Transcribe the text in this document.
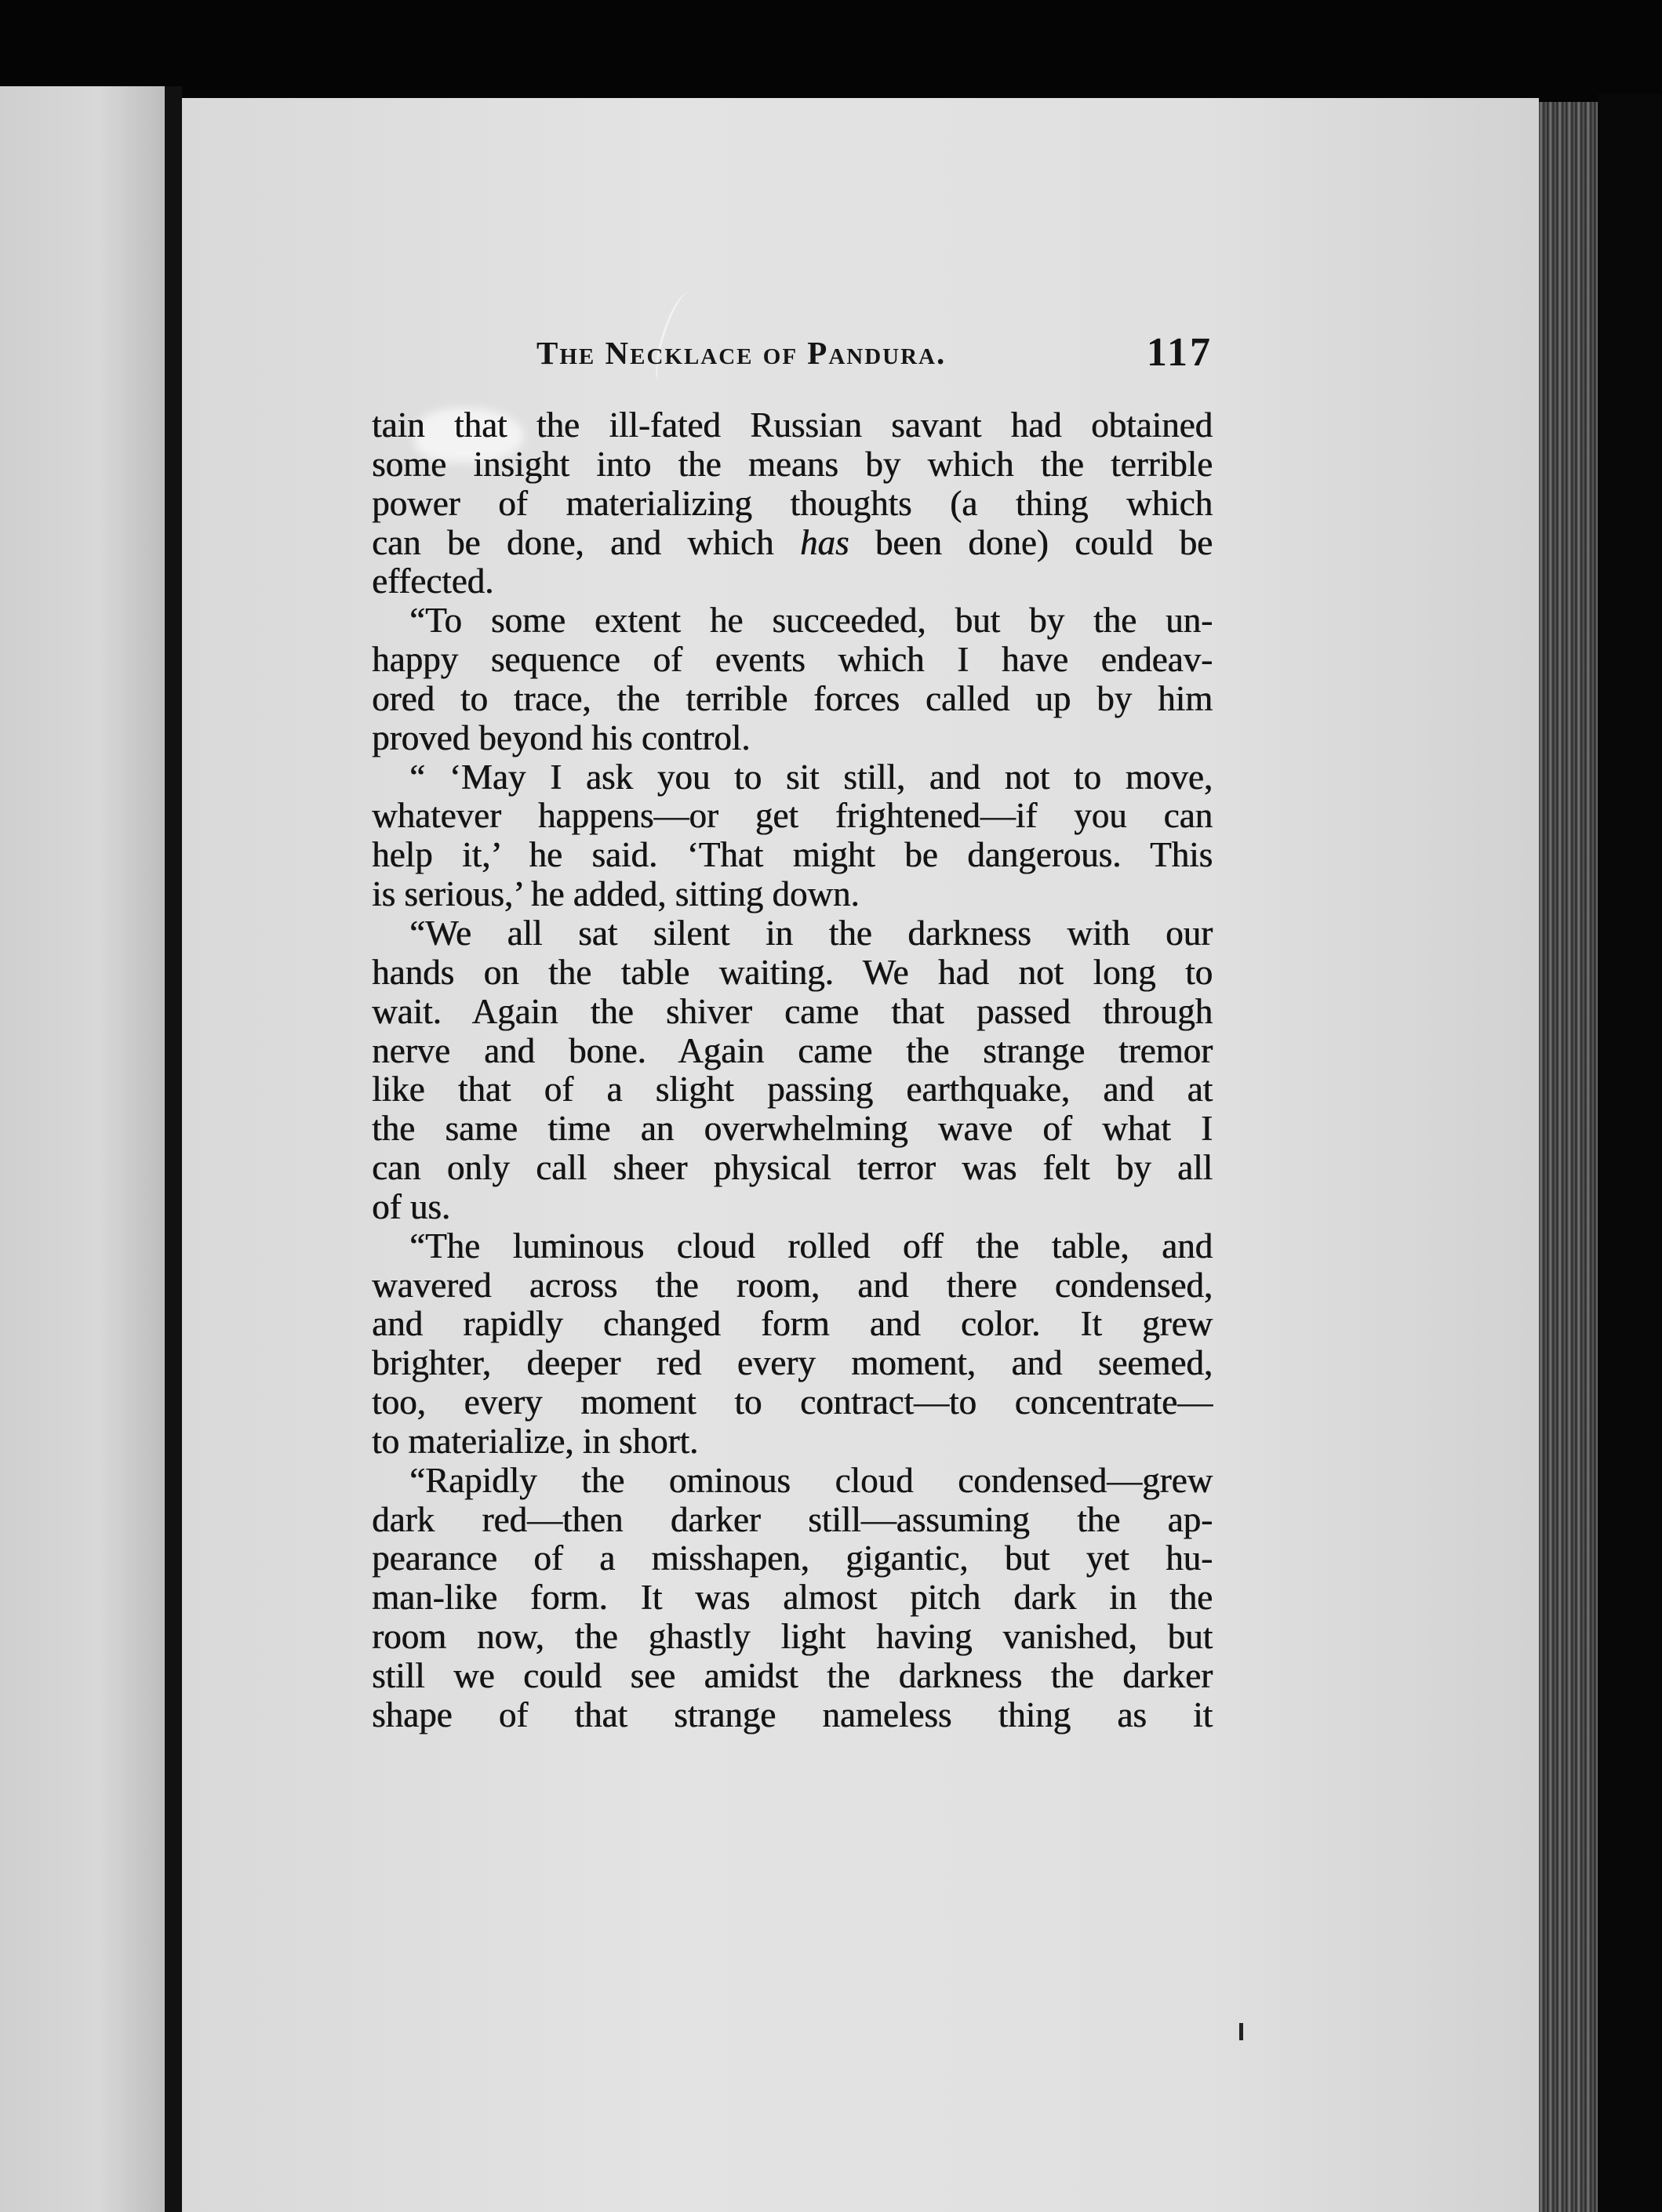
The Necklace of Pandura.	117
tain that the ill-fated Russian savant had obtained
some insight into the means by which the terrible
power of materializing thoughts (a thing which
can be done, and which has been done) could be
effected.
“To some extent he succeeded, but by the un-
happy sequence of events which I have endeav-
ored to trace, the terrible forces called up by him
proved beyond his control.
“ ‘May I ask you to sit still, and not to move,
whatever happens—or get frightened—if you can
help it,’ he said. ‘That might be dangerous. This
is serious,’ he added, sitting down.
“We all sat silent in the darkness with our
hands on the table waiting. We had not long to
wait. Again the shiver came that passed through
nerve and bone. Again came the strange tremor
like that of a slight passing earthquake, and at
the same time an overwhelming wave of what I
can only call sheer physical terror was felt by all
of us.
“The luminous cloud rolled off the table, and
wavered across the room, and there condensed,
and rapidly changed form and color. It grew
brighter, deeper red every moment, and seemed,
too, every moment to contract—to concentrate—
to materialize, in short.
“Rapidly the ominous cloud condensed—grew
dark red—then darker still—assuming the ap-
pearance of a misshapen, gigantic, but yet hu-
man-like form. It was almost pitch dark in the
room now, the ghastly light having vanished, but
still we could see amidst the darkness the darker
shape of that strange nameless thing as it
